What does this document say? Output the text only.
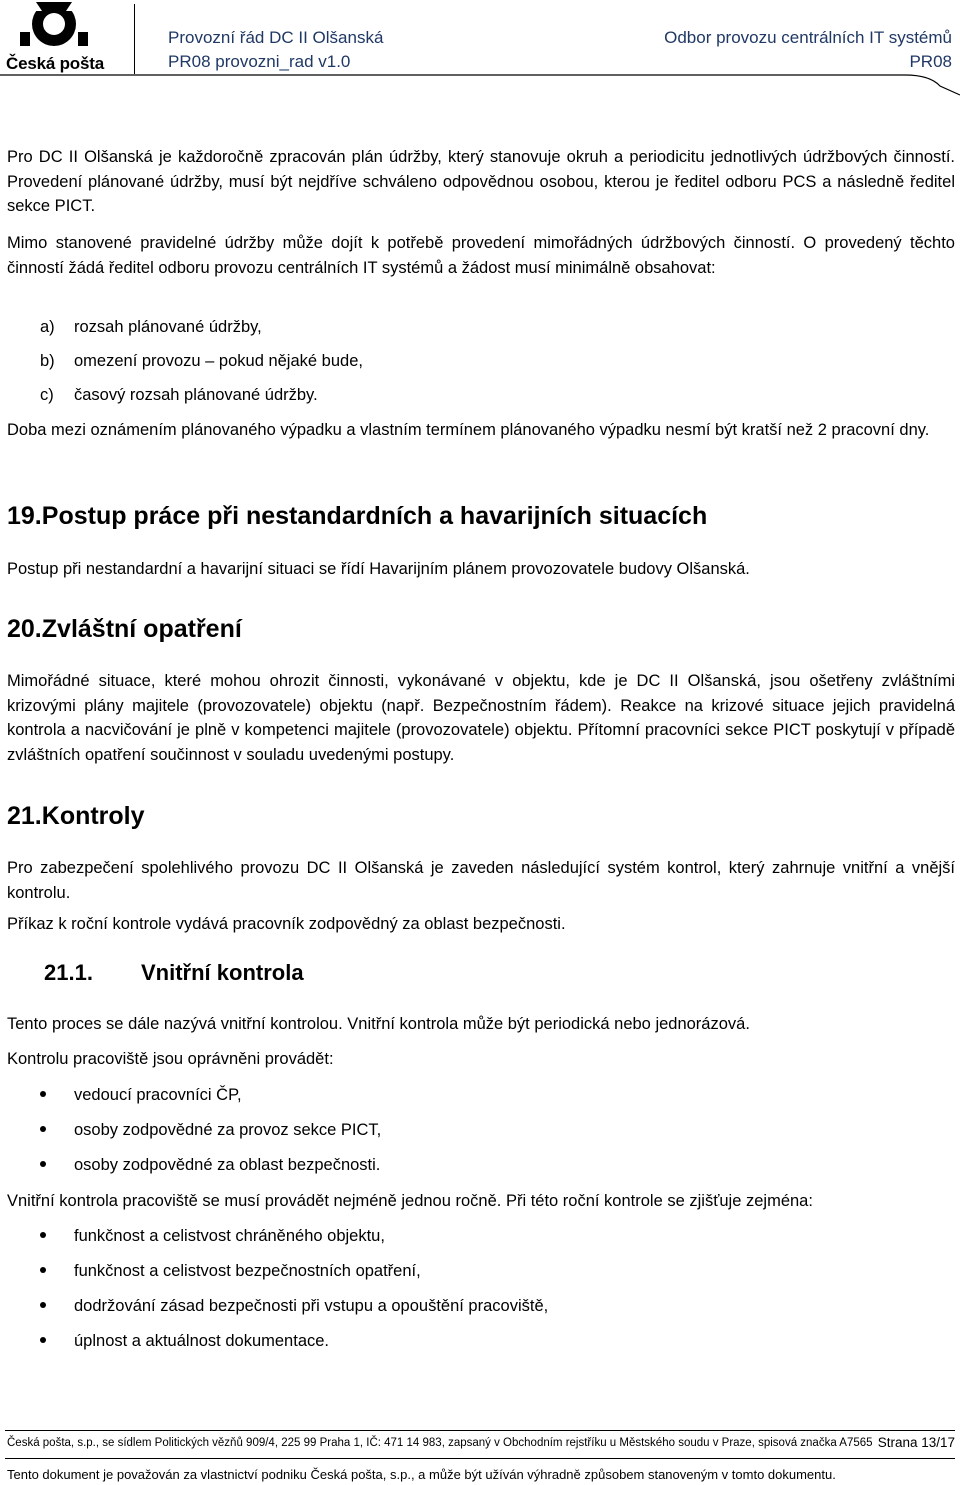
Česká pošta
Provozní řád DC II Olšanská
PR08 provozni_rad v1.0
Odbor provozu centrálních IT systémů
PR08

Pro DC II Olšanská je každoročně zpracován plán údržby, který stanovuje okruh a periodicitu jednotlivých údržbových činností. Provedení plánované údržby, musí být nejdříve schváleno odpovědnou osobou, kterou je ředitel odboru PCS a následně ředitel sekce PICT.

Mimo stanovené pravidelné údržby může dojít k potřebě provedení mimořádných údržbových činností. O provedený těchto činností žádá ředitel odboru provozu centrálních IT systémů a žádost musí minimálně obsahovat:

a) rozsah plánované údržby,
b) omezení provozu – pokud nějaké bude,
c) časový rozsah plánované údržby.

Doba mezi oznámením plánovaného výpadku a vlastním termínem plánovaného výpadku nesmí být kratší než 2 pracovní dny.

19.Postup práce při nestandardních a havarijních situacích

Postup při nestandardní a havarijní situaci se řídí Havarijním plánem provozovatele budovy Olšanská.

20.Zvláštní opatření

Mimořádné situace, které mohou ohrozit činnosti, vykonávané v objektu, kde je DC II Olšanská, jsou ošetřeny zvláštními krizovými plány majitele (provozovatele) objektu (např. Bezpečnostním řádem). Reakce na krizové situace jejich pravidelná kontrola a nacvičování je plně v kompetenci majitele (provozovatele) objektu. Přítomní pracovníci sekce PICT poskytují v případě zvláštních opatření součinnost v souladu uvedenými postupy.

21.Kontroly

Pro zabezpečení spolehlivého provozu DC II Olšanská je zaveden následující systém kontrol, který zahrnuje vnitřní a vnější kontrolu.

Příkaz k roční kontrole vydává pracovník zodpovědný za oblast bezpečnosti.

21.1. Vnitřní kontrola

Tento proces se dále nazývá vnitřní kontrolou. Vnitřní kontrola může být periodická nebo jednorázová.

Kontrolu pracoviště jsou oprávněni provádět:

vedoucí pracovníci ČP,
osoby zodpovědné za provoz sekce PICT,
osoby zodpovědné za oblast bezpečnosti.

Vnitřní kontrola pracoviště se musí provádět nejméně jednou ročně. Při této roční kontrole se zjišťuje zejména:

funkčnost a celistvost chráněného objektu,
funkčnost a celistvost bezpečnostních opatření,
dodržování zásad bezpečnosti při vstupu a opouštění pracoviště,
úplnost a aktuálnost dokumentace.
Česká pošta, s.p., se sídlem Politických vězňů 909/4, 225 99 Praha 1, IČ: 471 14 983, zapsaný v Obchodním rejstříku u Městského soudu v Praze, spisová značka A7565 Strana 13/17
Tento dokument je považován za vlastnictví podniku Česká pošta, s.p., a může být užíván výhradně způsobem stanoveným v tomto dokumentu.
